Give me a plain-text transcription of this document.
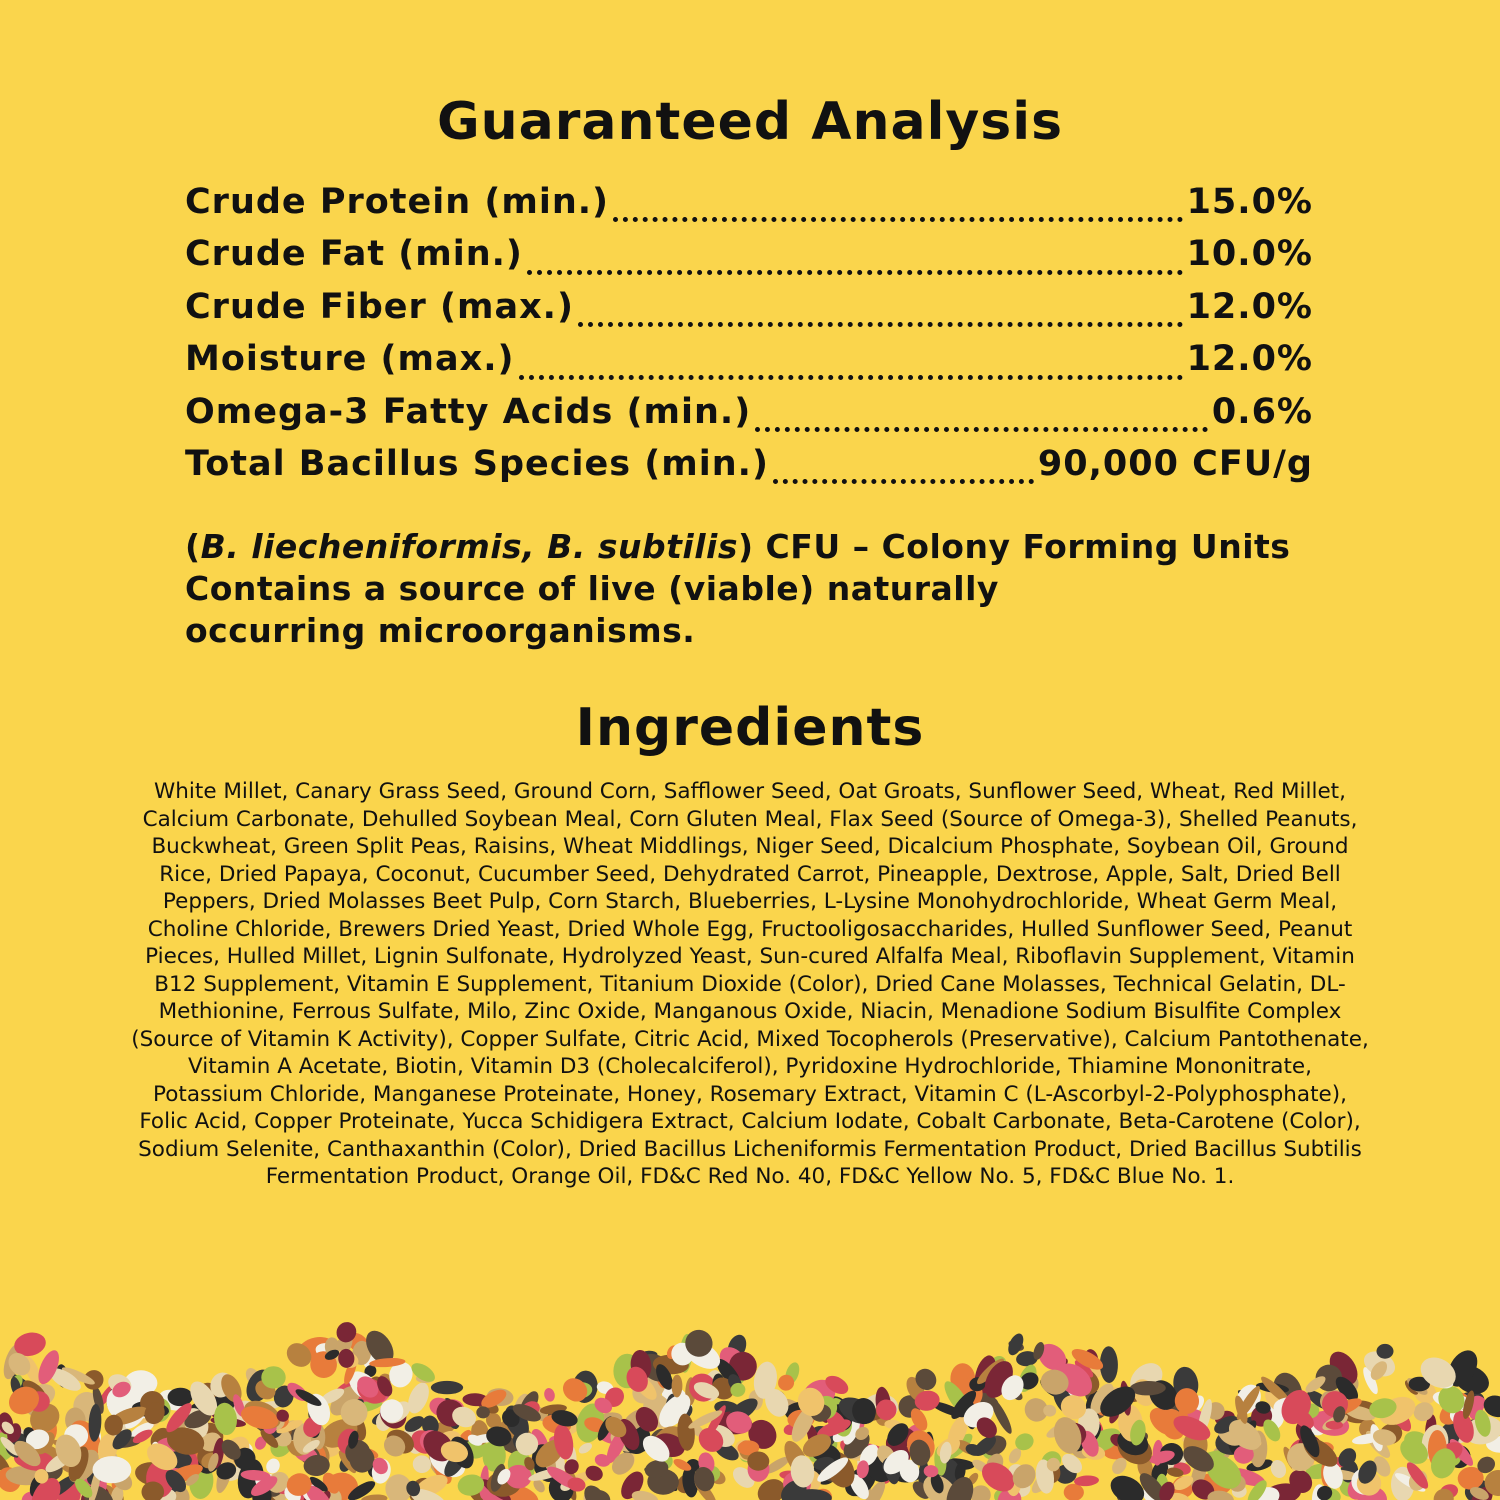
Guaranteed Analysis
Crude Protein (min.)	15.0%
Crude Fat (min.)	10.0%
Crude Fiber (max.)	12.0%
Moisture (max.)	12.0%
Omega-3 Fatty Acids (min.)	0.6%
Total Bacillus Species (min.)	90,000 CFU/g
(B. liecheniformis, B. subtilis) CFU – Colony Forming Units
Contains a source of live (viable) naturally
occurring microorganisms.
Ingredients

White Millet, Canary Grass Seed, Ground Corn, Safflower Seed, Oat Groats, Sunflower Seed, Wheat, Red Millet, Calcium Carbonate, Dehulled Soybean Meal, Corn Gluten Meal, Flax Seed (Source of Omega-3), Shelled Peanuts, Buckwheat, Green Split Peas, Raisins, Wheat Middlings, Niger Seed, Dicalcium Phosphate, Soybean Oil, Ground Rice, Dried Papaya, Coconut, Cucumber Seed, Dehydrated Carrot, Pineapple, Dextrose, Apple, Salt, Dried Bell Peppers, Dried Molasses Beet Pulp, Corn Starch, Blueberries, L-Lysine Monohydrochloride, Wheat Germ Meal, Choline Chloride, Brewers Dried Yeast, Dried Whole Egg, Fructooligosaccharides, Hulled Sunflower Seed, Peanut Pieces, Hulled Millet, Lignin Sulfonate, Hydrolyzed Yeast, Sun-cured Alfalfa Meal, Riboflavin Supplement, Vitamin B12 Supplement, Vitamin E Supplement, Titanium Dioxide (Color), Dried Cane Molasses, Technical Gelatin, DL-Methionine, Ferrous Sulfate, Milo, Zinc Oxide, Manganous Oxide, Niacin, Menadione Sodium Bisulfite Complex (Source of Vitamin K Activity), Copper Sulfate, Citric Acid, Mixed Tocopherols (Preservative), Calcium Pantothenate, Vitamin A Acetate, Biotin, Vitamin D3 (Cholecalciferol), Pyridoxine Hydrochloride, Thiamine Mononitrate, Potassium Chloride, Manganese Proteinate, Honey, Rosemary Extract, Vitamin C (L-Ascorbyl-2-Polyphosphate), Folic Acid, Copper Proteinate, Yucca Schidigera Extract, Calcium Iodate, Cobalt Carbonate, Beta-Carotene (Color), Sodium Selenite, Canthaxanthin (Color), Dried Bacillus Licheniformis Fermentation Product, Dried Bacillus Subtilis Fermentation Product, Orange Oil, FD&C Red No. 40, FD&C Yellow No. 5, FD&C Blue No. 1.
